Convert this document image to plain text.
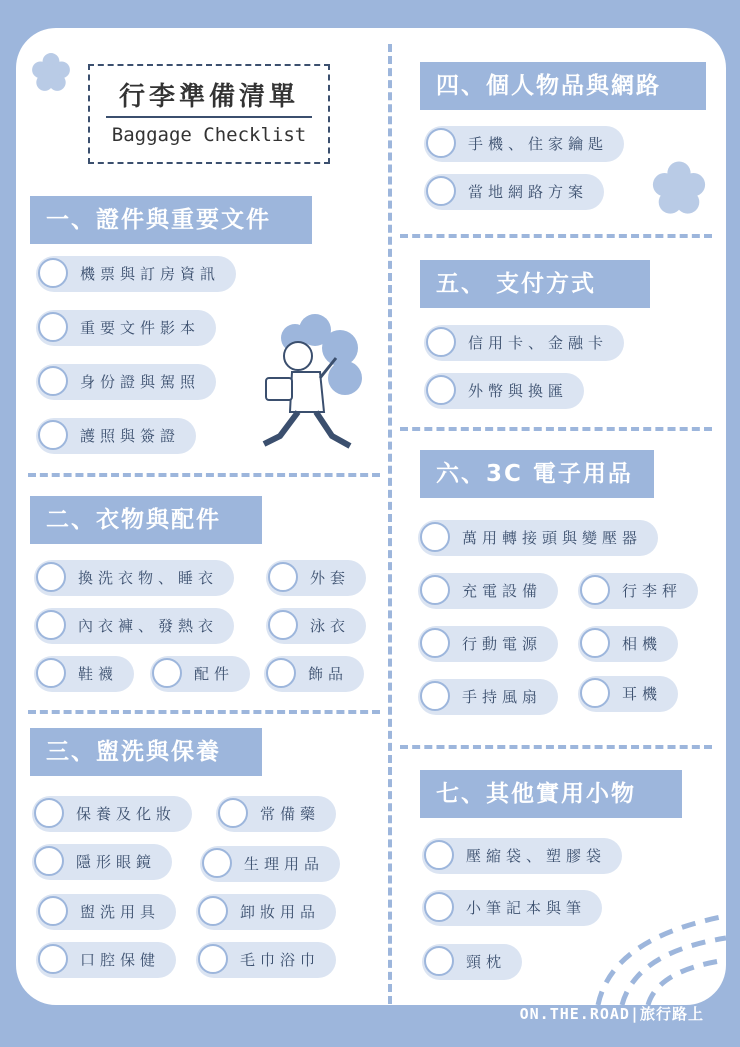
行李準備清單
Baggage Checklist
一、證件與重要文件
機票與訂房資訊
重要文件影本
身份證與駕照
護照與簽證
二、衣物與配件
換洗衣物、睡衣	外套
內衣褲、發熱衣	泳衣
鞋襪	配件	飾品
三、盥洗與保養
保養及化妝	常備藥
隱形眼鏡	生理用品
盥洗用具	卸妝用品
口腔保健	毛巾浴巾
四、個人物品與網路
手機、住家鑰匙
當地網路方案
五、 支付方式
信用卡、金融卡
外幣與換匯
六、3C 電子用品
萬用轉接頭與變壓器
充電設備	行李秤
行動電源	相機
手持風扇	耳機
七、其他實用小物
壓縮袋、塑膠袋
小筆記本與筆
頸枕
ON.THE.ROAD|旅行路上
